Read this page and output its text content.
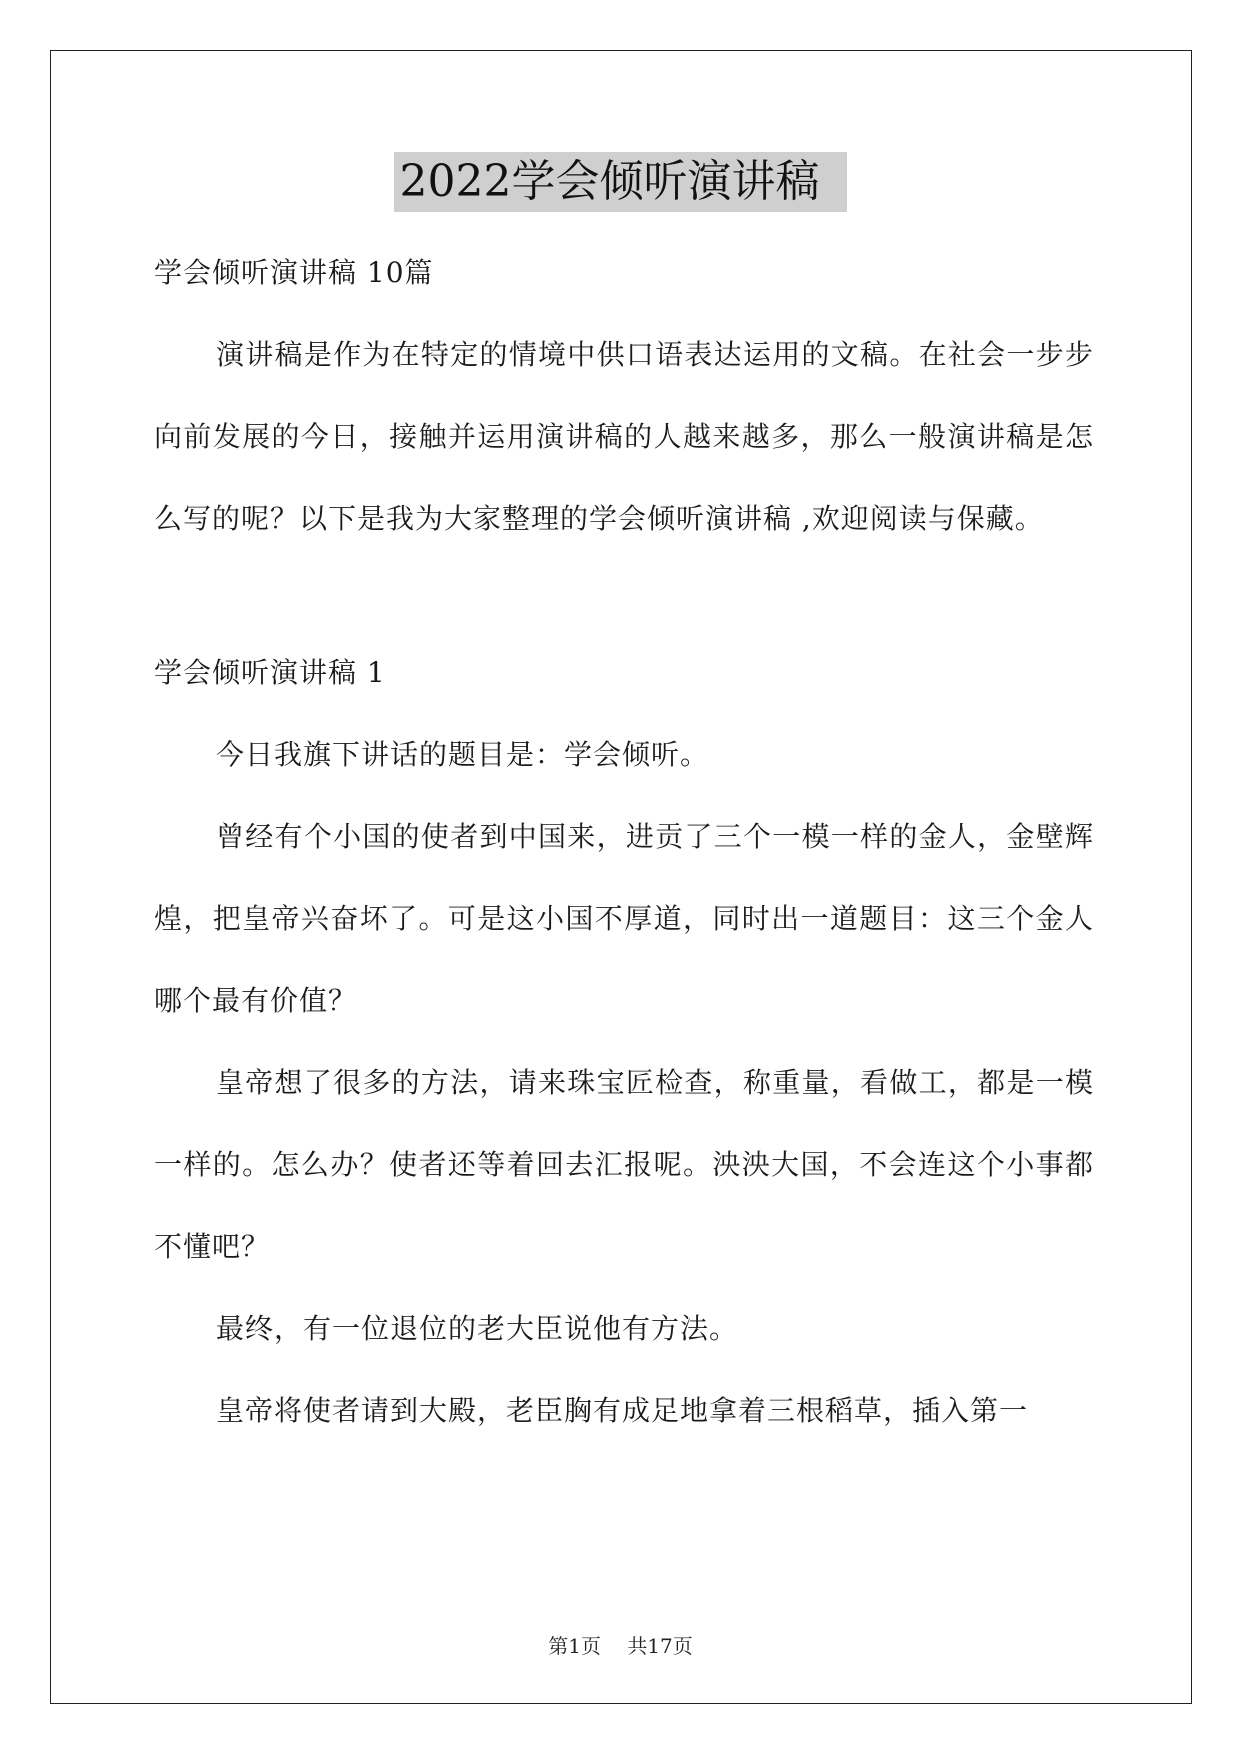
2022学会倾听演讲稿

学会倾听演讲稿 10篇

演讲稿是作为在特定的情境中供口语表达运用的文稿。在社会一步步向前发展的今日，接触并运用演讲稿的人越来越多，那么一般演讲稿是怎么写的呢？以下是我为大家整理的学会倾听演讲稿 ,欢迎阅读与保藏。

学会倾听演讲稿 1

今日我旗下讲话的题目是：学会倾听。

曾经有个小国的使者到中国来，进贡了三个一模一样的金人，金壁辉煌，把皇帝兴奋坏了。可是这小国不厚道，同时出一道题目：这三个金人哪个最有价值？

皇帝想了很多的方法，请来珠宝匠检查，称重量，看做工，都是一模一样的。怎么办？使者还等着回去汇报呢。泱泱大国，不会连这个小事都不懂吧？

最终，有一位退位的老大臣说他有方法。

皇帝将使者请到大殿，老臣胸有成足地拿着三根稻草，插入第一

第1页 共17页
